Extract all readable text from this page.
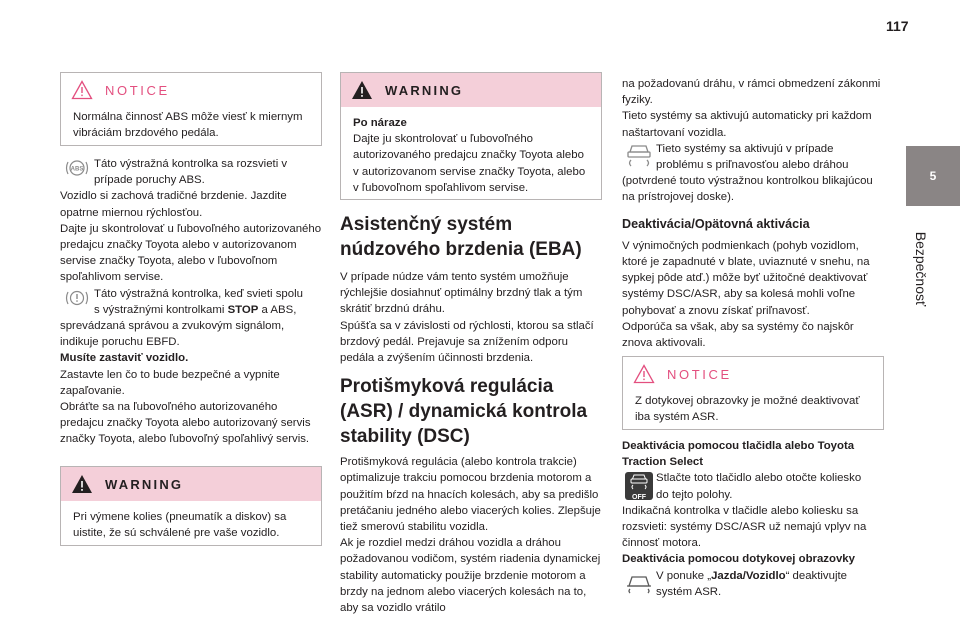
117
5
Bezpečnosť
NOTICE
Normálna činnosť ABS môže viesť k miernym vibráciám brzdového pedála.
ABS Táto výstražná kontrolka sa rozsvieti v

prípade poruchy ABS.

Vozidlo si zachová tradičné brzdenie. Jazdite opatrne miernou rýchlosťou.
Dajte ju skontrolovať u ľubovoľného autorizovaného predajcu značky Toyota alebo v autorizovanom servise značky Toyota, alebo v ľubovoľnom spoľahlivom servise.

Táto výstražná kontrolka, keď svieti spolu

s výstražnými kontrolkami STOP a ABS,

sprevádzaná správou a zvukovým signálom, indikuje poruchu EBFD.

Musíte zastaviť vozidlo.

Zastavte len čo to bude bezpečné a vypnite zapaľovanie.
Obráťte sa na ľubovoľného autorizovaného predajcu značky Toyota alebo autorizovaný servis značky Toyota, alebo ľubovoľný spoľahlivý servis.

WARNING
Pri výmene kolies (pneumatík a diskov) sa uistite, že sú schválené pre vaše vozidlo.
WARNING

Po náraze

Dajte ju skontrolovať u ľubovoľného autorizovaného predajcu značky Toyota alebo v autorizovanom servise značky Toyota, alebo v ľubovoľnom spoľahlivom servise.

Asistenčný systém
núdzového brzdenia (EBA)
V prípade núdze vám tento systém umožňuje rýchlejšie dosiahnuť optimálny brzdný tlak a tým skrátiť brzdnú dráhu.
Spúšťa sa v závislosti od rýchlosti, ktorou sa stlačí brzdový pedál. Prejavuje sa znížením odporu pedála a zvýšením účinnosti brzdenia.
Protišmyková regulácia
(ASR) / dynamická kontrola
stability (DSC)
Protišmyková regulácia (alebo kontrola trakcie) optimalizuje trakciu pomocou brzdenia motorom a použitím bŕzd na hnacích kolesách, aby sa predišlo pretáčaniu jedného alebo viacerých kolies. Zlepšuje tiež smerovú stabilitu vozidla.
Ak je rozdiel medzi dráhou vozidla a dráhou požadovanou vodičom, systém riadenia dynamickej stability automaticky použije brzdenie motorom a brzdy na jednom alebo viacerých kolesách na to, aby sa vozidlo vrátilo

na požadovanú dráhu, v rámci obmedzení zákonmi fyziky.
Tieto systémy sa aktivujú automaticky pri každom naštartovaní vozidla.

Tieto systémy sa aktivujú v prípade

problému s priľnavosťou alebo dráhou

(potvrdené touto výstražnou kontrolkou blikajúcou na prístrojovej doske).

Deaktivácia/Opätovná aktivácia

V výnimočných podmienkach (pohyb vozidlom, ktoré je zapadnuté v blate, uviaznuté v snehu, na sypkej pôde atď.) môže byť užitočné deaktivovať systémy DSC/ASR, aby sa kolesá mohli voľne pohybovať a znovu získať priľnavosť.
Odporúča sa však, aby sa systémy čo najskôr znova aktivovali.

NOTICE
Z dotykovej obrazovky je možné deaktivovať iba systém ASR.

Deaktivácia pomocou tlačidla alebo Toyota

Traction Select

OFF

Stlačte toto tlačidlo alebo otočte koliesko

do tejto polohy.

Indikačná kontrolka v tlačidle alebo koliesku sa rozsvieti: systémy DSC/ASR už nemajú vplyv na činnosť motora.

Deaktivácia pomocou dotykovej obrazovky

V ponuke „Jazda/Vozidlo“ deaktivujte

systém ASR.
